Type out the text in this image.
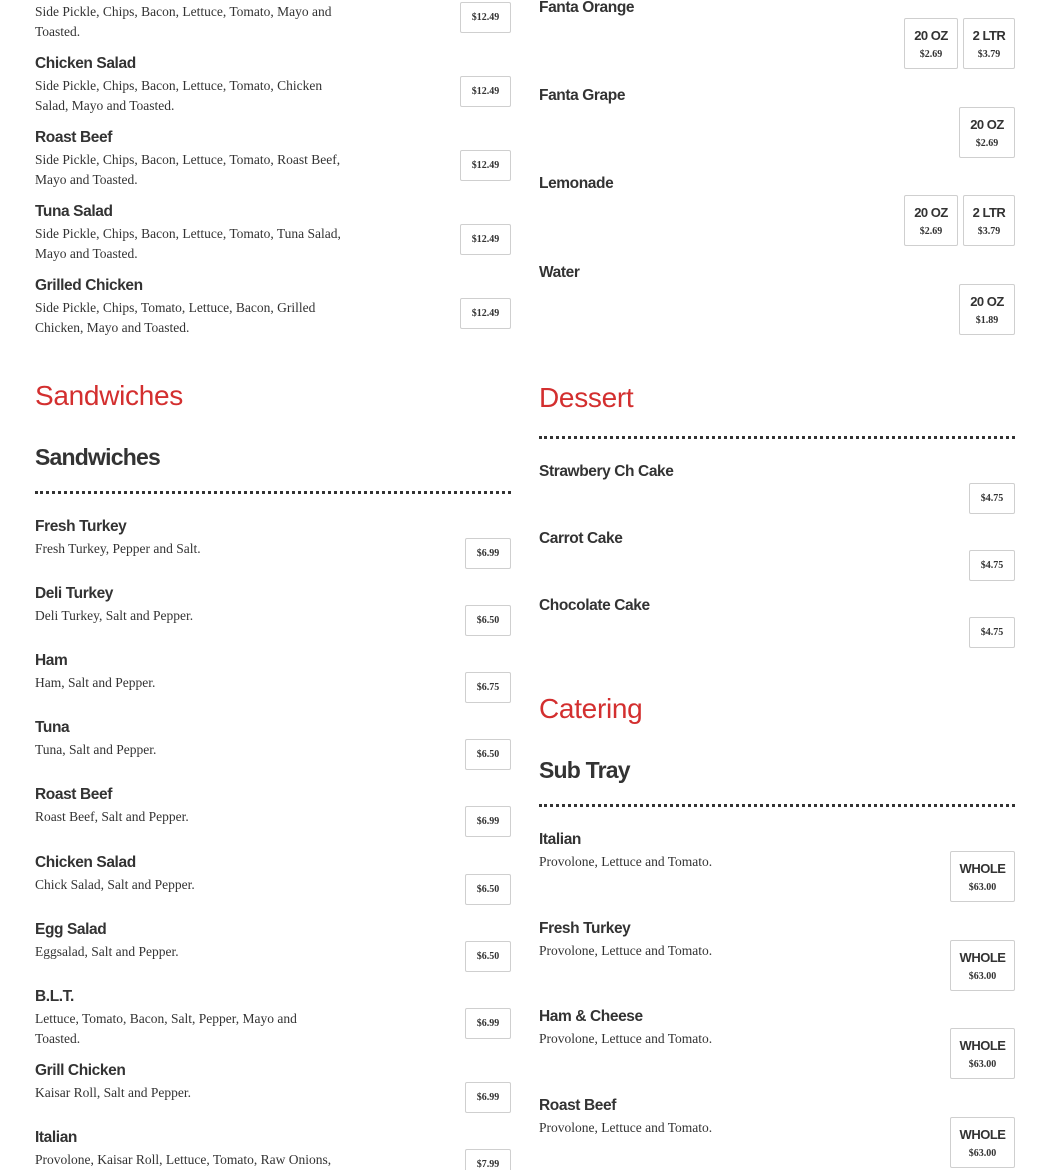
Side Pickle, Chips, Bacon, Lettuce, Tomato, Mayo and Toasted.
$12.49
Chicken Salad
Side Pickle, Chips, Bacon, Lettuce, Tomato, Chicken Salad, Mayo and Toasted.
$12.49
Roast Beef
Side Pickle, Chips, Bacon, Lettuce, Tomato, Roast Beef, Mayo and Toasted.
$12.49
Tuna Salad
Side Pickle, Chips, Bacon, Lettuce, Tomato, Tuna Salad, Mayo and Toasted.
$12.49
Grilled Chicken
Side Pickle, Chips, Tomato, Lettuce, Bacon, Grilled Chicken, Mayo and Toasted.
$12.49
Sandwiches
Sandwiches
Fresh Turkey
Fresh Turkey, Pepper and Salt.	$6.99
Deli Turkey
Deli Turkey, Salt and Pepper.	$6.50
Ham
Ham, Salt and Pepper.	$6.75
Tuna
Tuna, Salt and Pepper.	$6.50
Roast Beef
Roast Beef, Salt and Pepper.	$6.99
Chicken Salad
Chick Salad, Salt and Pepper.	$6.50
Egg Salad
Eggsalad, Salt and Pepper.	$6.50
B.L.T.
Lettuce, Tomato, Bacon, Salt, Pepper, Mayo and Toasted.
$6.99
Grill Chicken
Kaisar Roll, Salt and Pepper.	$6.99
Italian
Provolone, Kaisar Roll, Lettuce, Tomato, Raw Onions,	$7.99
Fanta Orange
20 OZ
$2.69
2 LTR
$3.79
Fanta Grape
20 OZ
$2.69
Lemonade
20 OZ
$2.69
2 LTR
$3.79
Water
20 OZ
$1.89
Dessert
Strawbery Ch Cake
$4.75
Carrot Cake
$4.75
Chocolate Cake
$4.75
Catering
Sub Tray
Italian
Provolone, Lettuce and Tomato.	WHOLE
$63.00
Fresh Turkey
Provolone, Lettuce and Tomato.	WHOLE
$63.00
Ham & Cheese
Provolone, Lettuce and Tomato.	WHOLE
$63.00
Roast Beef
Provolone, Lettuce and Tomato.	WHOLE
$63.00
